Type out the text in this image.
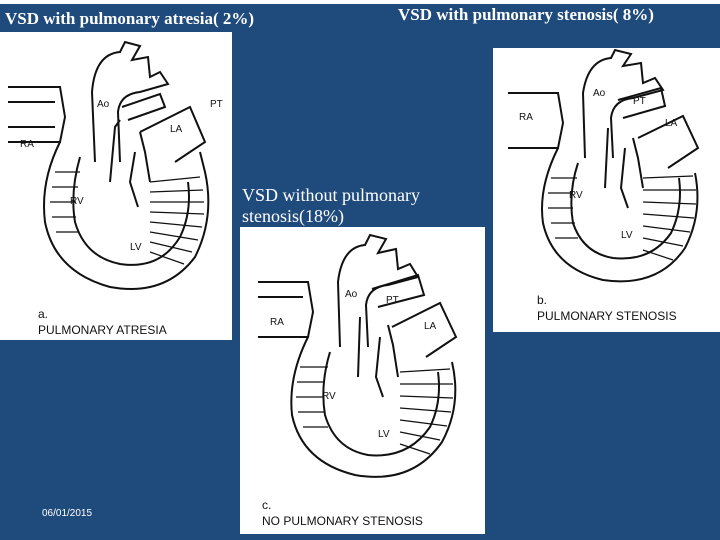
VSD with pulmonary atresia( 2%)	VSD with pulmonary stenosis( 8%)
VSD without pulmonary stenosis(18%)
Ao	PT
RA
LA
RV
LV
a.
PULMONARY ATRESIA
Ao
PT
RA
LA
RV
LV
b.
PULMONARY STENOSIS
Ao
PT
RA	LA
RV
LV
c.
NO PULMONARY STENOSIS
06/01/2015
